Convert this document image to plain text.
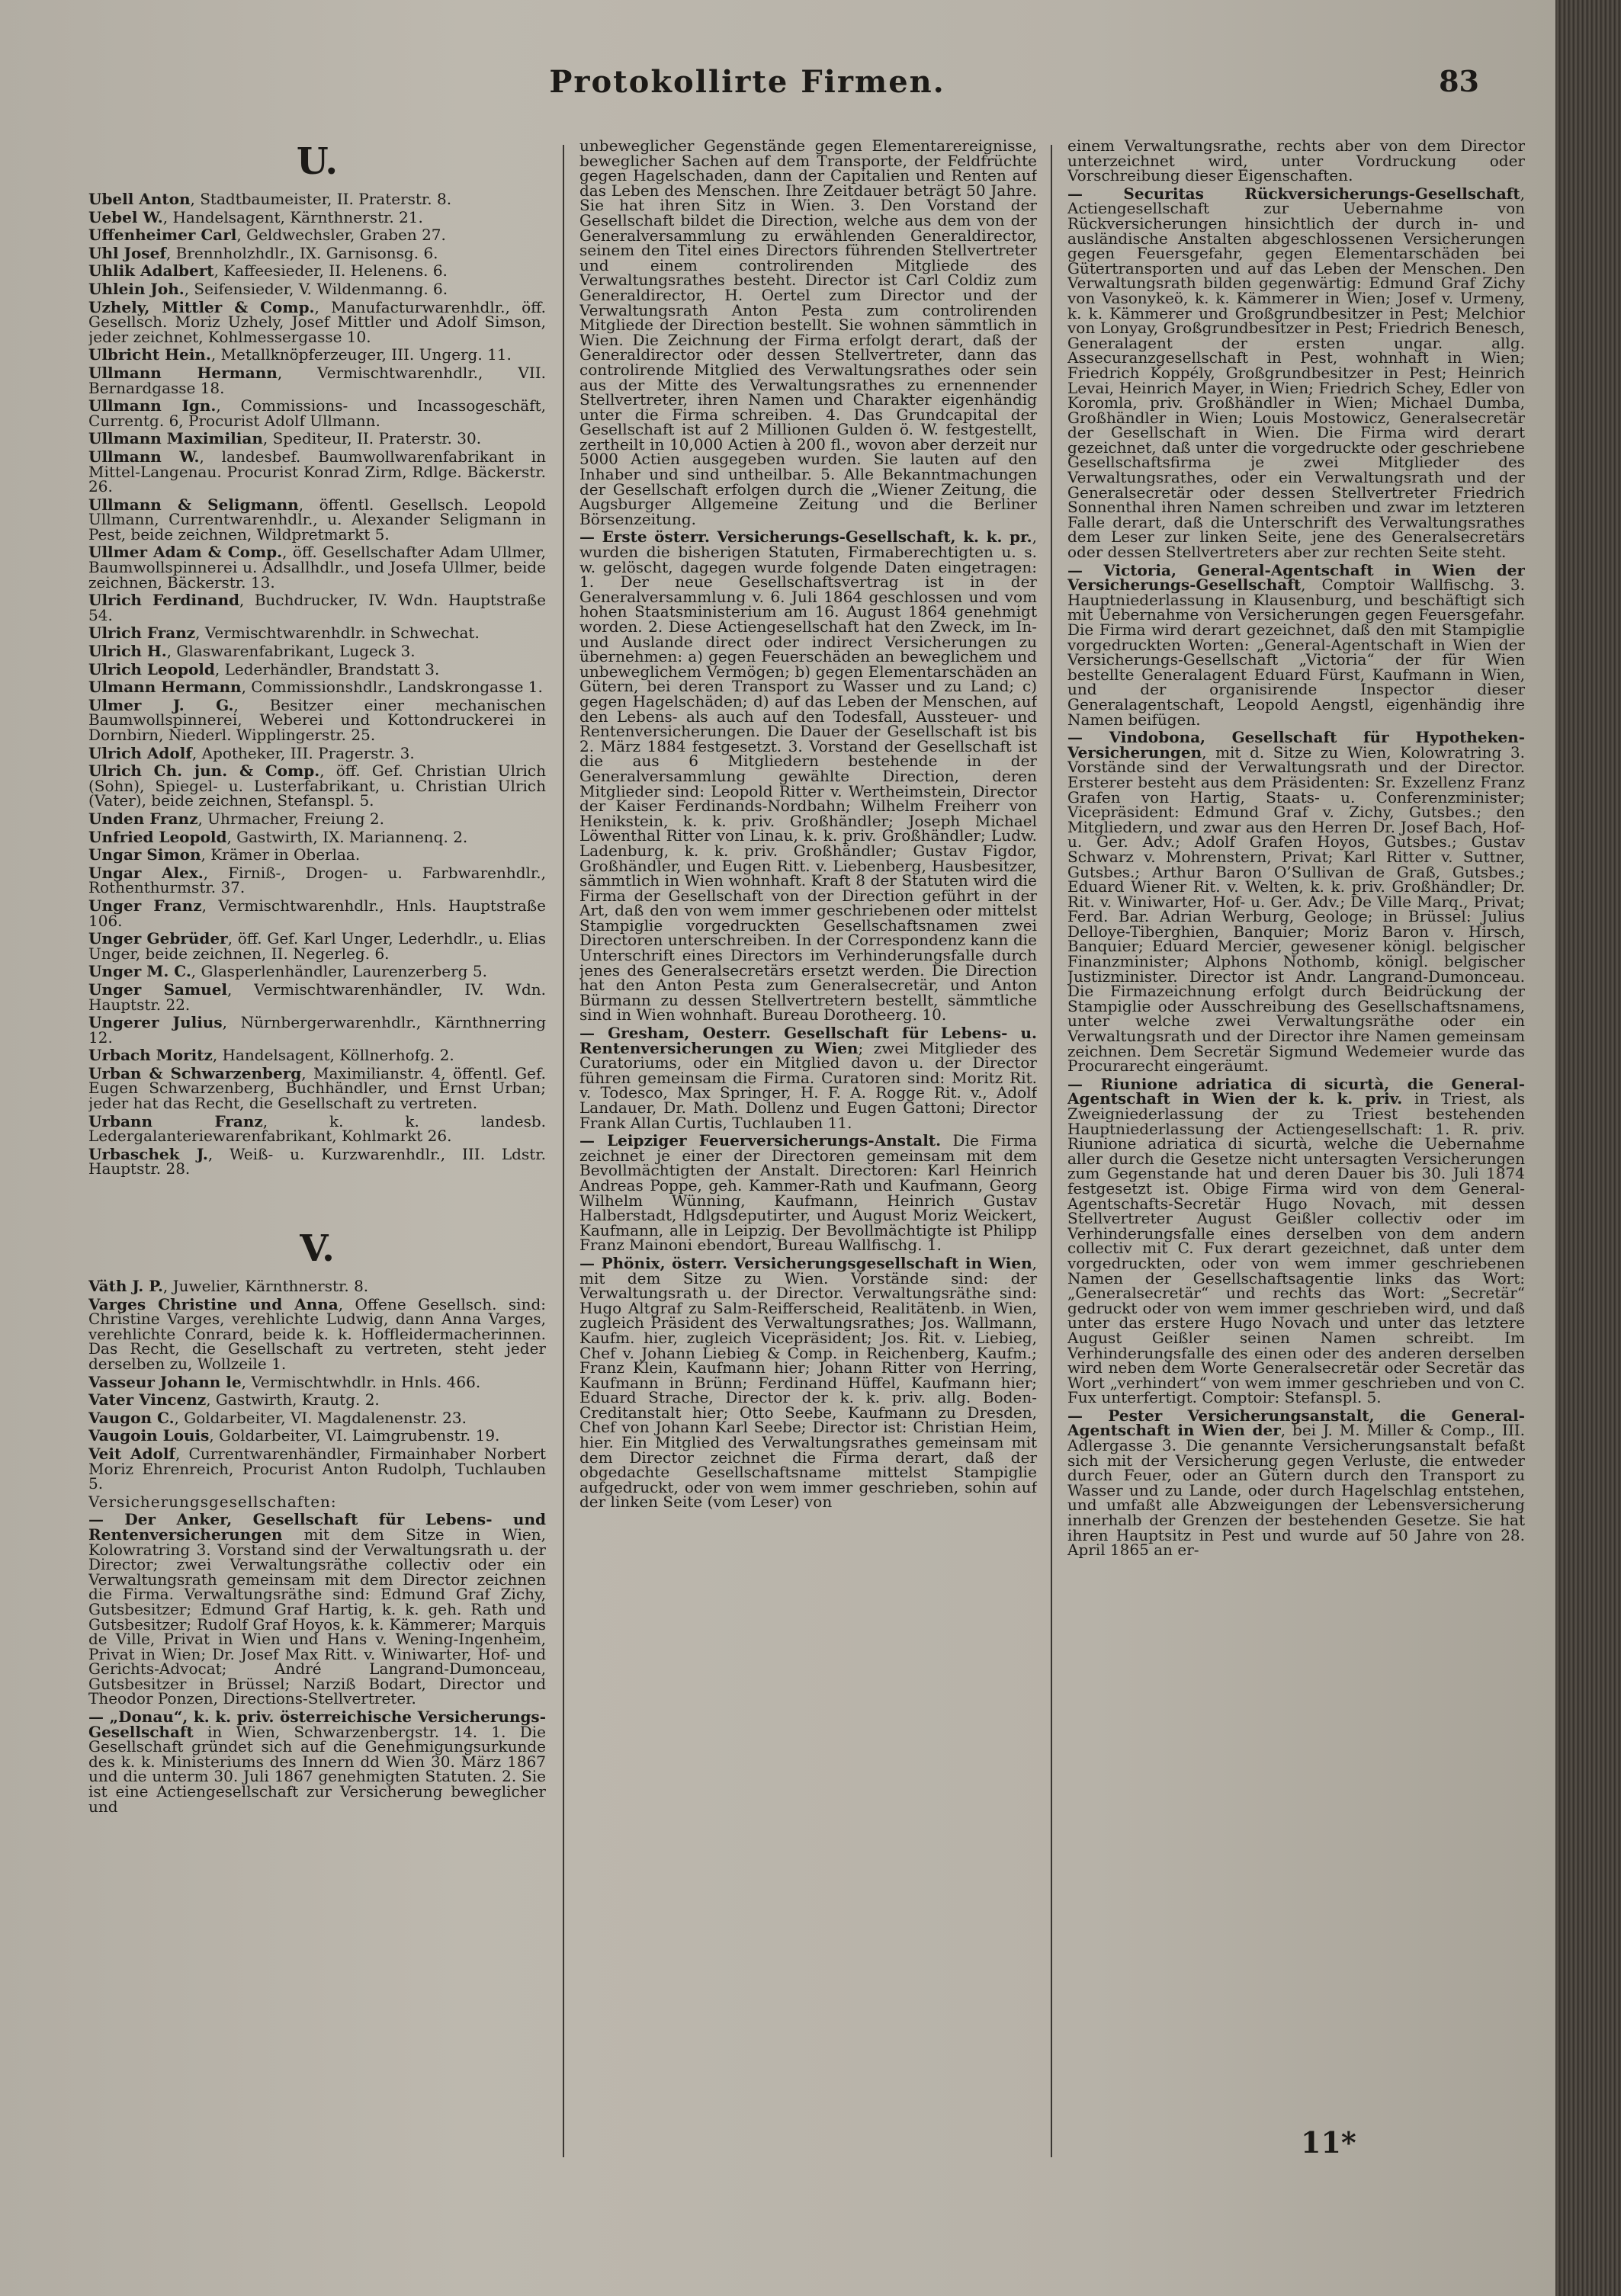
Protokollirte Firmen.	83
U.

Ubell Anton, Stadtbaumeister, II. Praterstr. 8.

Uebel W., Handelsagent, Kärnthnerstr. 21.

Uffenheimer Carl, Geldwechsler, Graben 27.

Uhl Josef, Brennholzhdlr., IX. Garnisonsg. 6.

Uhlik Adalbert, Kaffeesieder, II. Helenens. 6.

Uhlein Joh., Seifensieder, V. Wildenmanng. 6.

Uzhely, Mittler & Comp., Manufacturwarenhdlr., öff. Gesellsch. Moriz Uzhely, Josef Mittler und Adolf Simson, jeder zeichnet, Kohlmessergasse 10.

Ulbricht Hein., Metallknöpferzeuger, III. Ungerg. 11.

Ullmann Hermann, Vermischtwarenhdlr., VII. Bernardgasse 18.

Ullmann Ign., Commissions- und Incassogeschäft, Currentg. 6, Procurist Adolf Ullmann.

Ullmann Maximilian, Spediteur, II. Praterstr. 30.

Ullmann W., landesbef. Baumwollwarenfabrikant in Mittel-Langenau. Procurist Konrad Zirm, Rdlge. Bäckerstr. 26.

Ullmann & Seligmann, öffentl. Gesellsch. Leopold Ullmann, Currentwarenhdlr., u. Alexander Seligmann in Pest, beide zeichnen, Wildpretmarkt 5.

Ullmer Adam & Comp., öff. Gesellschafter Adam Ullmer, Baumwollspinnerei u. Adsallhdlr., und Josefa Ullmer, beide zeichnen, Bäckerstr. 13.

Ulrich Ferdinand, Buchdrucker, IV. Wdn. Hauptstraße 54.

Ulrich Franz, Vermischtwarenhdlr. in Schwechat.

Ulrich H., Glaswarenfabrikant, Lugeck 3.

Ulrich Leopold, Lederhändler, Brandstatt 3.

Ulmann Hermann, Commissionshdlr., Landskrongasse 1.

Ulmer J. G., Besitzer einer mechanischen Baumwollspinnerei, Weberei und Kottondruckerei in Dornbirn, Niederl. Wipplingerstr. 25.

Ulrich Adolf, Apotheker, III. Pragerstr. 3.

Ulrich Ch. jun. & Comp., öff. Gef. Christian Ulrich (Sohn), Spiegel- u. Lusterfabrikant, u. Christian Ulrich (Vater), beide zeichnen, Stefanspl. 5.

Unden Franz, Uhrmacher, Freiung 2.

Unfried Leopold, Gastwirth, IX. Mariannenq. 2.

Ungar Simon, Krämer in Oberlaa.

Ungar Alex., Firniß-, Drogen- u. Farbwarenhdlr., Rothenthurmstr. 37.

Unger Franz, Vermischtwarenhdlr., Hnls. Hauptstraße 106.

Unger Gebrüder, öff. Gef. Karl Unger, Lederhdlr., u. Elias Unger, beide zeichnen, II. Negerleg. 6.

Unger M. C., Glasperlenhändler, Laurenzerberg 5.

Unger Samuel, Vermischtwarenhändler, IV. Wdn. Hauptstr. 22.

Ungerer Julius, Nürnbergerwarenhdlr., Kärnthnerring 12.

Urbach Moritz, Handelsagent, Köllnerhofg. 2.

Urban & Schwarzenberg, Maximilianstr. 4, öffentl. Gef. Eugen Schwarzenberg, Buchhändler, und Ernst Urban; jeder hat das Recht, die Gesellschaft zu vertreten.

Urbann Franz, k. k. landesb. Ledergalanteriewarenfabrikant, Kohlmarkt 26.

Urbaschek J., Weiß- u. Kurzwarenhdlr., III. Ldstr. Hauptstr. 28.

V.

Väth J. P., Juwelier, Kärnthnerstr. 8.

Varges Christine und Anna, Offene Gesellsch. sind: Christine Varges, verehlichte Ludwig, dann Anna Varges, verehlichte Conrard, beide k. k. Hoffleidermacherinnen. Das Recht, die Gesellschaft zu vertreten, steht jeder derselben zu, Wollzeile 1.

Vasseur Johann le, Vermischtwhdlr. in Hnls. 466.

Vater Vincenz, Gastwirth, Krautg. 2.

Vaugon C., Goldarbeiter, VI. Magdalenenstr. 23.

Vaugoin Louis, Goldarbeiter, VI. Laimgrubenstr. 19.

Veit Adolf, Currentwarenhändler, Firmainhaber Norbert Moriz Ehrenreich, Procurist Anton Rudolph, Tuchlauben 5.

Versicherungsgesellschaften:

— Der Anker, Gesellschaft für Lebens- und Rentenversicherungen mit dem Sitze in Wien, Kolowratring 3. Vorstand sind der Verwaltungsrath u. der Director; zwei Verwaltungsräthe collectiv oder ein Verwaltungsrath gemeinsam mit dem Director zeichnen die Firma. Verwaltungsräthe sind: Edmund Graf Zichy, Gutsbesitzer; Edmund Graf Hartig, k. k. geh. Rath und Gutsbesitzer; Rudolf Graf Hoyos, k. k. Kämmerer; Marquis de Ville, Privat in Wien und Hans v. Wening-Ingenheim, Privat in Wien; Dr. Josef Max Ritt. v. Winiwarter, Hof- und Gerichts-Advocat; André Langrand-Dumonceau, Gutsbesitzer in Brüssel; Narziß Bodart, Director und Theodor Ponzen, Directions-Stellvertreter.

— „Donau“, k. k. priv. österreichische Versicherungs-Gesellschaft in Wien, Schwarzenbergstr. 14. 1. Die Gesellschaft gründet sich auf die Genehmigungsurkunde des k. k. Ministeriums des Innern dd Wien 30. März 1867 und die unterm 30. Juli 1867 genehmigten Statuten. 2. Sie ist eine Actiengesellschaft zur Versicherung beweglicher und

unbeweglicher Gegenstände gegen Elementarereignisse, beweglicher Sachen auf dem Transporte, der Feldfrüchte gegen Hagelschaden, dann der Capitalien und Renten auf das Leben des Menschen. Ihre Zeitdauer beträgt 50 Jahre. Sie hat ihren Sitz in Wien. 3. Den Vorstand der Gesellschaft bildet die Direction, welche aus dem von der Generalversammlung zu erwählenden Generaldirector, seinem den Titel eines Directors führenden Stellvertreter und einem controlirenden Mitgliede des Verwaltungsrathes besteht. Director ist Carl Coldiz zum Generaldirector, H. Oertel zum Director und der Verwaltungsrath Anton Pesta zum controlirenden Mitgliede der Direction bestellt. Sie wohnen sämmtlich in Wien. Die Zeichnung der Firma erfolgt derart, daß der Generaldirector oder dessen Stellvertreter, dann das controlirende Mitglied des Verwaltungsrathes oder sein aus der Mitte des Verwaltungsrathes zu ernennender Stellvertreter, ihren Namen und Charakter eigenhändig unter die Firma schreiben. 4. Das Grundcapital der Gesellschaft ist auf 2 Millionen Gulden ö. W. festgestellt, zertheilt in 10,000 Actien à 200 fl., wovon aber derzeit nur 5000 Actien ausgegeben wurden. Sie lauten auf den Inhaber und sind untheilbar. 5. Alle Bekanntmachungen der Gesellschaft erfolgen durch die „Wiener Zeitung, die Augsburger Allgemeine Zeitung und die Berliner Börsenzeitung.

— Erste österr. Versicherungs-Gesellschaft, k. k. pr., wurden die bisherigen Statuten, Firmaberechtigten u. s. w. gelöscht, dagegen wurde folgende Daten eingetragen: 1. Der neue Gesellschaftsvertrag ist in der Generalversammlung v. 6. Juli 1864 geschlossen und vom hohen Staatsministerium am 16. August 1864 genehmigt worden. 2. Diese Actiengesellschaft hat den Zweck, im In- und Auslande direct oder indirect Versicherungen zu übernehmen: a) gegen Feuerschäden an beweglichem und unbeweglichem Vermögen; b) gegen Elementarschäden an Gütern, bei deren Transport zu Wasser und zu Land; c) gegen Hagelschäden; d) auf das Leben der Menschen, auf den Lebens- als auch auf den Todesfall, Aussteuer- und Rentenversicherungen. Die Dauer der Gesellschaft ist bis 2. März 1884 festgesetzt. 3. Vorstand der Gesellschaft ist die aus 6 Mitgliedern bestehende in der Generalversammlung gewählte Direction, deren Mitglieder sind: Leopold Ritter v. Wertheimstein, Director der Kaiser Ferdinands-Nordbahn; Wilhelm Freiherr von Henikstein, k. k. priv. Großhändler; Joseph Michael Löwenthal Ritter von Linau, k. k. priv. Großhändler; Ludw. Ladenburg, k. k. priv. Großhändler; Gustav Figdor, Großhändler, und Eugen Ritt. v. Liebenberg, Hausbesitzer, sämmtlich in Wien wohnhaft. Kraft 8 der Statuten wird die Firma der Gesellschaft von der Direction geführt in der Art, daß den von wem immer geschriebenen oder mittelst Stampiglie vorgedruckten Gesellschaftsnamen zwei Directoren unterschreiben. In der Correspondenz kann die Unterschrift eines Directors im Verhinderungsfalle durch jenes des Generalsecretärs ersetzt werden. Die Direction hat den Anton Pesta zum Generalsecretär, und Anton Bürmann zu dessen Stellvertretern bestellt, sämmtliche sind in Wien wohnhaft. Bureau Dorotheerg. 10.

— Gresham, Oesterr. Gesellschaft für Lebens- u. Rentenversicherungen zu Wien; zwei Mitglieder des Curatoriums, oder ein Mitglied davon u. der Director führen gemeinsam die Firma. Curatoren sind: Moritz Rit. v. Todesco, Max Springer, H. F. A. Rogge Rit. v., Adolf Landauer, Dr. Math. Dollenz und Eugen Gattoni; Director Frank Allan Curtis, Tuchlauben 11.

— Leipziger Feuerversicherungs-Anstalt. Die Firma zeichnet je einer der Directoren gemeinsam mit dem Bevollmächtigten der Anstalt. Directoren: Karl Heinrich Andreas Poppe, geh. Kammer-Rath und Kaufmann, Georg Wilhelm Wünning, Kaufmann, Heinrich Gustav Halberstadt, Hdlgsdeputirter, und August Moriz Weickert, Kaufmann, alle in Leipzig. Der Bevollmächtigte ist Philipp Franz Mainoni ebendort, Bureau Wallfischg. 1.

— Phönix, österr. Versicherungsgesellschaft in Wien, mit dem Sitze zu Wien. Vorstände sind: der Verwaltungsrath u. der Director. Verwaltungsräthe sind: Hugo Altgraf zu Salm-Reifferscheid, Realitätenb. in Wien, zugleich Präsident des Verwaltungsrathes; Jos. Wallmann, Kaufm. hier, zugleich Vicepräsident; Jos. Rit. v. Liebieg, Chef v. Johann Liebieg & Comp. in Reichenberg, Kaufm.; Franz Klein, Kaufmann hier; Johann Ritter von Herring, Kaufmann in Brünn; Ferdinand Hüffel, Kaufmann hier; Eduard Strache, Director der k. k. priv. allg. Boden-Creditanstalt hier; Otto Seebe, Kaufmann zu Dresden, Chef von Johann Karl Seebe; Director ist: Christian Heim, hier. Ein Mitglied des Verwaltungsrathes gemeinsam mit dem Director zeichnet die Firma derart, daß der obgedachte Gesellschaftsname mittelst Stampiglie aufgedruckt, oder von wem immer geschrieben, sohin auf der linken Seite (vom Leser) von

einem Verwaltungsrathe, rechts aber von dem Director unterzeichnet wird, unter Vordruckung oder Vorschreibung dieser Eigenschaften.

— Securitas Rückversicherungs-Gesellschaft, Actiengesellschaft zur Uebernahme von Rückversicherungen hinsichtlich der durch in- und ausländische Anstalten abgeschlossenen Versicherungen gegen Feuersgefahr, gegen Elementarschäden bei Gütertransporten und auf das Leben der Menschen. Den Verwaltungsrath bilden gegenwärtig: Edmund Graf Zichy von Vasonykeö, k. k. Kämmerer in Wien; Josef v. Urmeny, k. k. Kämmerer und Großgrundbesitzer in Pest; Melchior von Lonyay, Großgrundbesitzer in Pest; Friedrich Benesch, Generalagent der ersten ungar. allg. Assecuranzgesellschaft in Pest, wohnhaft in Wien; Friedrich Koppély, Großgrundbesitzer in Pest; Heinrich Levai, Heinrich Mayer, in Wien; Friedrich Schey, Edler von Koromla, priv. Großhändler in Wien; Michael Dumba, Großhändler in Wien; Louis Mostowicz, Generalsecretär der Gesellschaft in Wien. Die Firma wird derart gezeichnet, daß unter die vorgedruckte oder geschriebene Gesellschaftsfirma je zwei Mitglieder des Verwaltungsrathes, oder ein Verwaltungsrath und der Generalsecretär oder dessen Stellvertreter Friedrich Sonnenthal ihren Namen schreiben und zwar im letzteren Falle derart, daß die Unterschrift des Verwaltungsrathes dem Leser zur linken Seite, jene des Generalsecretärs oder dessen Stellvertreters aber zur rechten Seite steht.

— Victoria, General-Agentschaft in Wien der Versicherungs-Gesellschaft, Comptoir Wallfischg. 3. Hauptniederlassung in Klausenburg, und beschäftigt sich mit Uebernahme von Versicherungen gegen Feuersgefahr. Die Firma wird derart gezeichnet, daß den mit Stampiglie vorgedruckten Worten: „General-Agentschaft in Wien der Versicherungs-Gesellschaft „Victoria“ der für Wien bestellte Generalagent Eduard Fürst, Kaufmann in Wien, und der organisirende Inspector dieser Generalagentschaft, Leopold Aengstl, eigenhändig ihre Namen beifügen.

— Vindobona, Gesellschaft für Hypotheken-Versicherungen, mit d. Sitze zu Wien, Kolowratring 3. Vorstände sind der Verwaltungsrath und der Director. Ersterer besteht aus dem Präsidenten: Sr. Exzellenz Franz Grafen von Hartig, Staats- u. Conferenzminister; Vicepräsident: Edmund Graf v. Zichy, Gutsbes.; den Mitgliedern, und zwar aus den Herren Dr. Josef Bach, Hof- u. Ger. Adv.; Adolf Grafen Hoyos, Gutsbes.; Gustav Schwarz v. Mohrenstern, Privat; Karl Ritter v. Suttner, Gutsbes.; Arthur Baron O’Sullivan de Graß, Gutsbes.; Eduard Wiener Rit. v. Welten, k. k. priv. Großhändler; Dr. Rit. v. Winiwarter, Hof- u. Ger. Adv.; De Ville Marq., Privat; Ferd. Bar. Adrian Werburg, Geologe; in Brüssel: Julius Delloye-Tiberghien, Banquier; Moriz Baron v. Hirsch, Banquier; Eduard Mercier, gewesener königl. belgischer Finanzminister; Alphons Nothomb, königl. belgischer Justizminister. Director ist Andr. Langrand-Dumonceau. Die Firmazeichnung erfolgt durch Beidrückung der Stampiglie oder Ausschreibung des Gesellschaftsnamens, unter welche zwei Verwaltungsräthe oder ein Verwaltungsrath und der Director ihre Namen gemeinsam zeichnen. Dem Secretär Sigmund Wedemeier wurde das Procurarecht eingeräumt.

— Riunione adriatica di sicurtà, die General-Agentschaft in Wien der k. k. priv. in Triest, als Zweigniederlassung der zu Triest bestehenden Hauptniederlassung der Actiengesellschaft: 1. R. priv. Riunione adriatica di sicurtà, welche die Uebernahme aller durch die Gesetze nicht untersagten Versicherungen zum Gegenstande hat und deren Dauer bis 30. Juli 1874 festgesetzt ist. Obige Firma wird von dem General-Agentschafts-Secretär Hugo Novach, mit dessen Stellvertreter August Geißler collectiv oder im Verhinderungsfalle eines derselben von dem andern collectiv mit C. Fux derart gezeichnet, daß unter dem vorgedruckten, oder von wem immer geschriebenen Namen der Gesellschaftsagentie links das Wort: „Generalsecretär“ und rechts das Wort: „Secretär“ gedruckt oder von wem immer geschrieben wird, und daß unter das erstere Hugo Novach und unter das letztere August Geißler seinen Namen schreibt. Im Verhinderungsfalle des einen oder des anderen derselben wird neben dem Worte Generalsecretär oder Secretär das Wort „verhindert“ von wem immer geschrieben und von C. Fux unterfertigt. Comptoir: Stefanspl. 5.

— Pester Versicherungsanstalt, die General-Agentschaft in Wien der, bei J. M. Miller & Comp., III. Adlergasse 3. Die genannte Versicherungsanstalt befaßt sich mit der Versicherung gegen Verluste, die entweder durch Feuer, oder an Gütern durch den Transport zu Wasser und zu Lande, oder durch Hagelschlag entstehen, und umfaßt alle Abzweigungen der Lebensversicherung innerhalb der Grenzen der bestehenden Gesetze. Sie hat ihren Hauptsitz in Pest und wurde auf 50 Jahre von 28. April 1865 an er-

11*
